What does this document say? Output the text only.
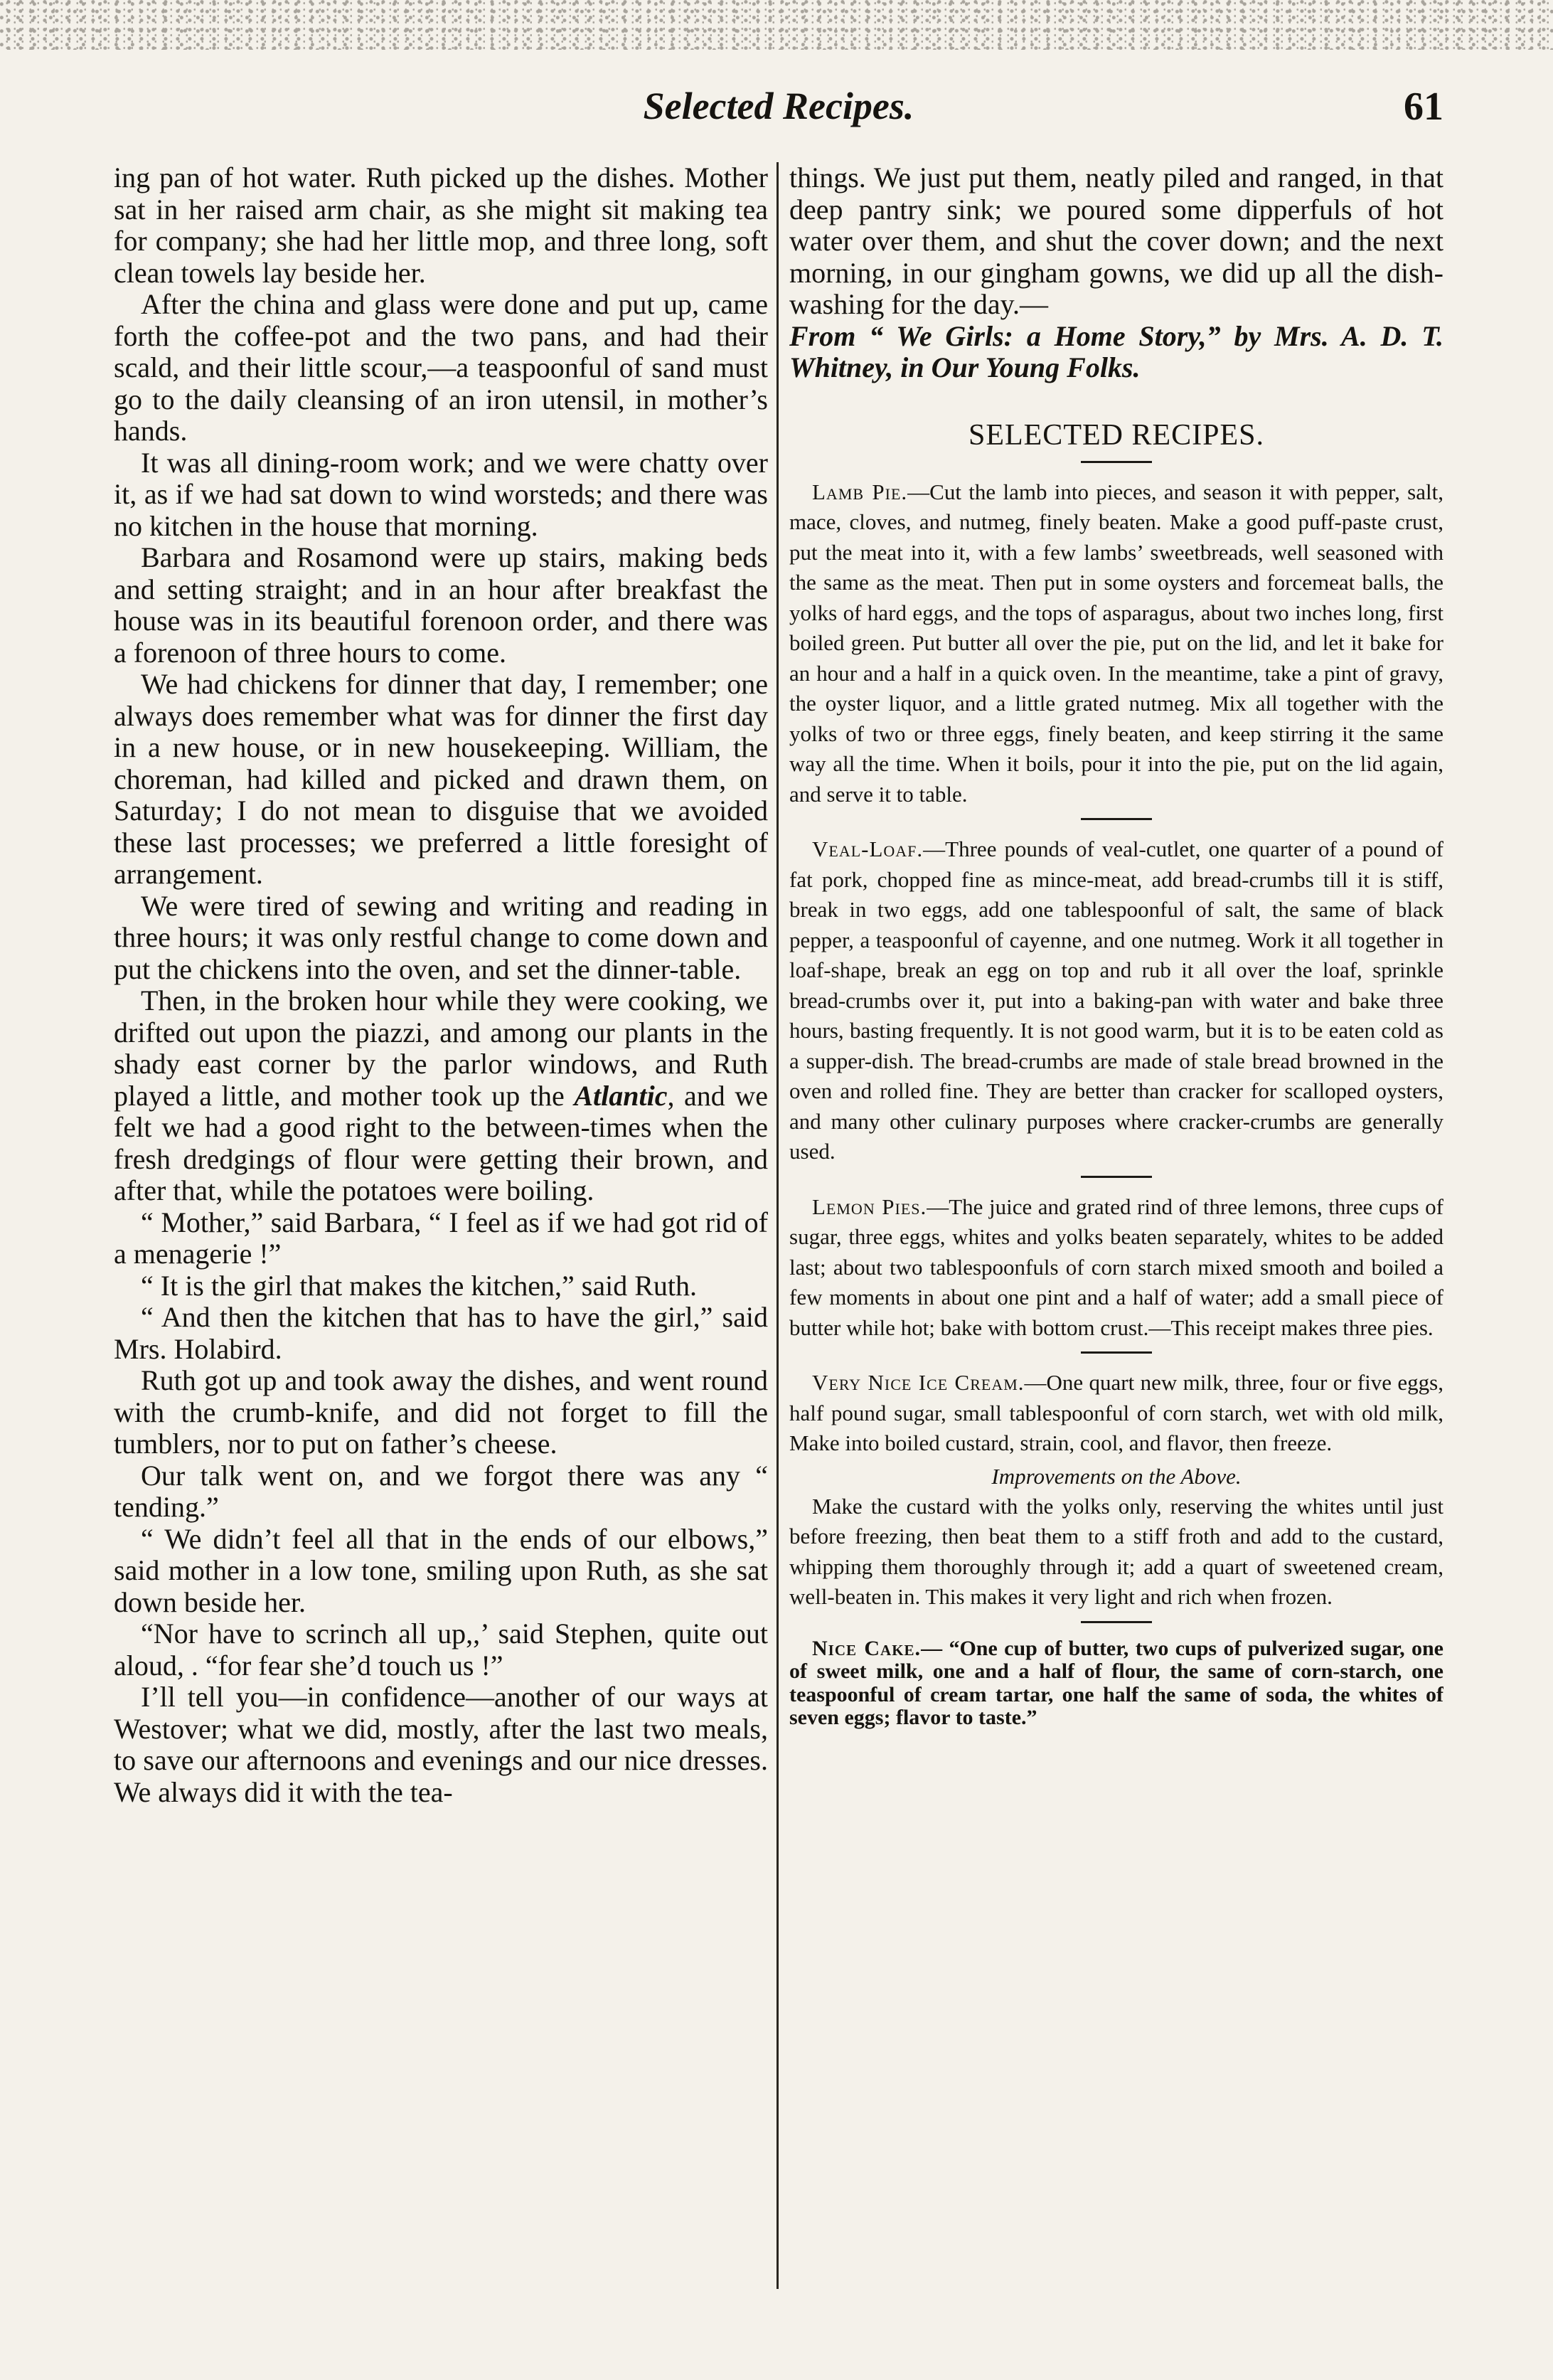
Selected Recipes.	61

ing pan of hot water. Ruth picked up the dishes. Mother sat in her raised arm chair, as she might sit making tea for company; she had her little mop, and three long, soft clean towels lay beside her.

After the china and glass were done and put up, came forth the coffee-pot and the two pans, and had their scald, and their little scour,—a teaspoonful of sand must go to the daily cleansing of an iron utensil, in mother’s hands.

It was all dining-room work; and we were chatty over it, as if we had sat down to wind worsteds; and there was no kitchen in the house that morning.

Barbara and Rosamond were up stairs, making beds and setting straight; and in an hour after breakfast the house was in its beautiful forenoon order, and there was a forenoon of three hours to come.

We had chickens for dinner that day, I remember; one always does remember what was for dinner the first day in a new house, or in new housekeeping. William, the choreman, had killed and picked and drawn them, on Saturday; I do not mean to disguise that we avoided these last processes; we preferred a little foresight of arrangement.

We were tired of sewing and writing and reading in three hours; it was only restful change to come down and put the chickens into the oven, and set the dinner-table.

Then, in the broken hour while they were cooking, we drifted out upon the piazzi, and among our plants in the shady east corner by the parlor windows, and Ruth played a little, and mother took up the Atlantic, and we felt we had a good right to the between-times when the fresh dredgings of flour were getting their brown, and after that, while the potatoes were boiling.

“ Mother,” said Barbara, “ I feel as if we had got rid of a menagerie !”

“ It is the girl that makes the kitchen,” said Ruth.

“ And then the kitchen that has to have the girl,” said Mrs. Holabird.

Ruth got up and took away the dishes, and went round with the crumb-knife, and did not forget to fill the tumblers, nor to put on father’s cheese.

Our talk went on, and we forgot there was any “ tending.”

“ We didn’t feel all that in the ends of our elbows,” said mother in a low tone, smiling upon Ruth, as she sat down beside her.

“Nor have to scrinch all up,,’ said Stephen, quite out aloud, . “for fear she’d touch us !”

I’ll tell you—in confidence—another of our ways at Westover; what we did, mostly, after the last two meals, to save our afternoons and evenings and our nice dresses. We always did it with the tea-

things. We just put them, neatly piled and ranged, in that deep pantry sink; we poured some dipperfuls of hot water over them, and shut the cover down; and the next morning, in our gingham gowns, we did up all the dish-washing for the day.—

From “ We Girls: a Home Story,” by Mrs. A. D. T. Whitney, in Our Young Folks.
SELECTED RECIPES.

Lamb Pie.—Cut the lamb into pieces, and season it with pepper, salt, mace, cloves, and nutmeg, finely beaten. Make a good puff-paste crust, put the meat into it, with a few lambs’ sweetbreads, well seasoned with the same as the meat. Then put in some oysters and forcemeat balls, the yolks of hard eggs, and the tops of asparagus, about two inches long, first boiled green. Put butter all over the pie, put on the lid, and let it bake for an hour and a half in a quick oven. In the meantime, take a pint of gravy, the oyster liquor, and a little grated nutmeg. Mix all together with the yolks of two or three eggs, finely beaten, and keep stirring it the same way all the time. When it boils, pour it into the pie, put on the lid again, and serve it to table.

Veal-Loaf.—Three pounds of veal-cutlet, one quarter of a pound of fat pork, chopped fine as mince-meat, add bread-crumbs till it is stiff, break in two eggs, add one tablespoonful of salt, the same of black pepper, a teaspoonful of cayenne, and one nutmeg. Work it all together in loaf-shape, break an egg on top and rub it all over the loaf, sprinkle bread-crumbs over it, put into a baking-pan with water and bake three hours, basting frequently. It is not good warm, but it is to be eaten cold as a supper-dish. The bread-crumbs are made of stale bread browned in the oven and rolled fine. They are better than cracker for scalloped oysters, and many other culinary purposes where cracker-crumbs are generally used.

Lemon Pies.—The juice and grated rind of three lemons, three cups of sugar, three eggs, whites and yolks beaten separately, whites to be added last; about two tablespoonfuls of corn starch mixed smooth and boiled a few moments in about one pint and a half of water; add a small piece of butter while hot; bake with bottom crust.—This receipt makes three pies.

Very Nice Ice Cream.—One quart new milk, three, four or five eggs, half pound sugar, small tablespoonful of corn starch, wet with old milk, Make into boiled custard, strain, cool, and flavor, then freeze.

Improvements on the Above.

Make the custard with the yolks only, reserving the whites until just before freezing, then beat them to a stiff froth and add to the custard, whipping them thoroughly through it; add a quart of sweetened cream, well-beaten in. This makes it very light and rich when frozen.

Nice Cake.— “One cup of butter, two cups of pulverized sugar, one of sweet milk, one and a half of flour, the same of corn-starch, one teaspoonful of cream tartar, one half the same of soda, the whites of seven eggs; flavor to taste.”
